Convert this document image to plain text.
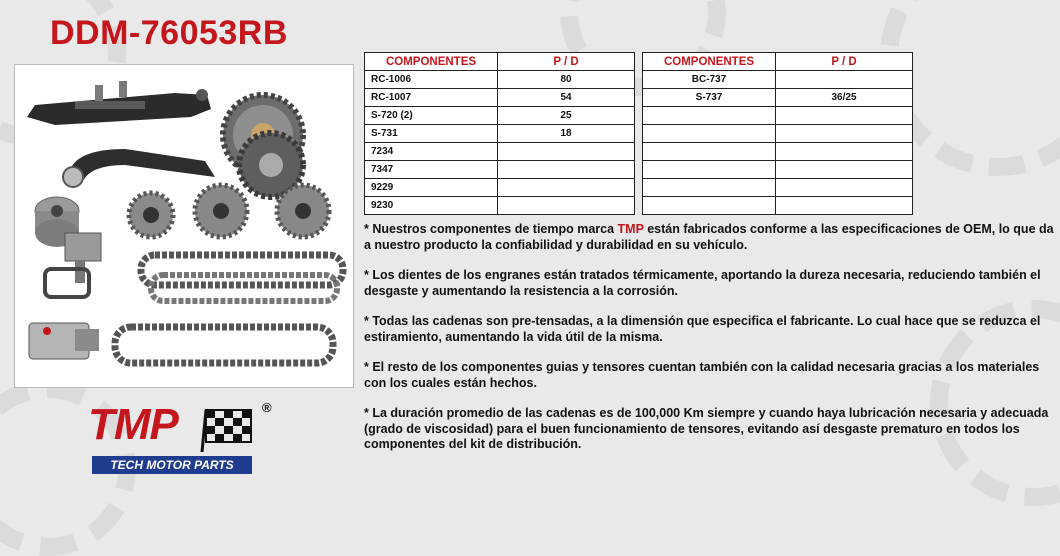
DDM-76053RB
COMPONENTES	P / D
RC-1006	80
RC-1007	54
S-720 (2)	25
S-731	18
7234	
7347	
9229	
9230	
COMPONENTES	P / D
BC-737	
S-737	36/25

* Nuestros componentes de tiempo marca TMP están fabricados conforme a las especificaciones de OEM, lo que da a nuestro producto la confiabilidad y durabilidad en su vehículo.

* Los dientes de los engranes están tratados térmicamente, aportando la dureza necesaria, reduciendo también el desgaste y aumentando la resistencia a la corrosión.

* Todas las cadenas son pre-tensadas, a la dimensión que especifica el fabricante. Lo cual hace que se reduzca el estiramiento, aumentando la vida útil de la misma.

* El resto de los componentes guias y tensores cuentan también con la calidad necesaria gracias a los materiales con los cuales están hechos.

* La duración promedio de las cadenas es de 100,000 Km siempre y cuando haya lubricación necesaria y adecuada (grado de viscosidad) para el buen funcionamiento de tensores, evitando así desgaste prematuro en todos los componentes del kit de distribución.

TMP	®
TECH MOTOR PARTS
